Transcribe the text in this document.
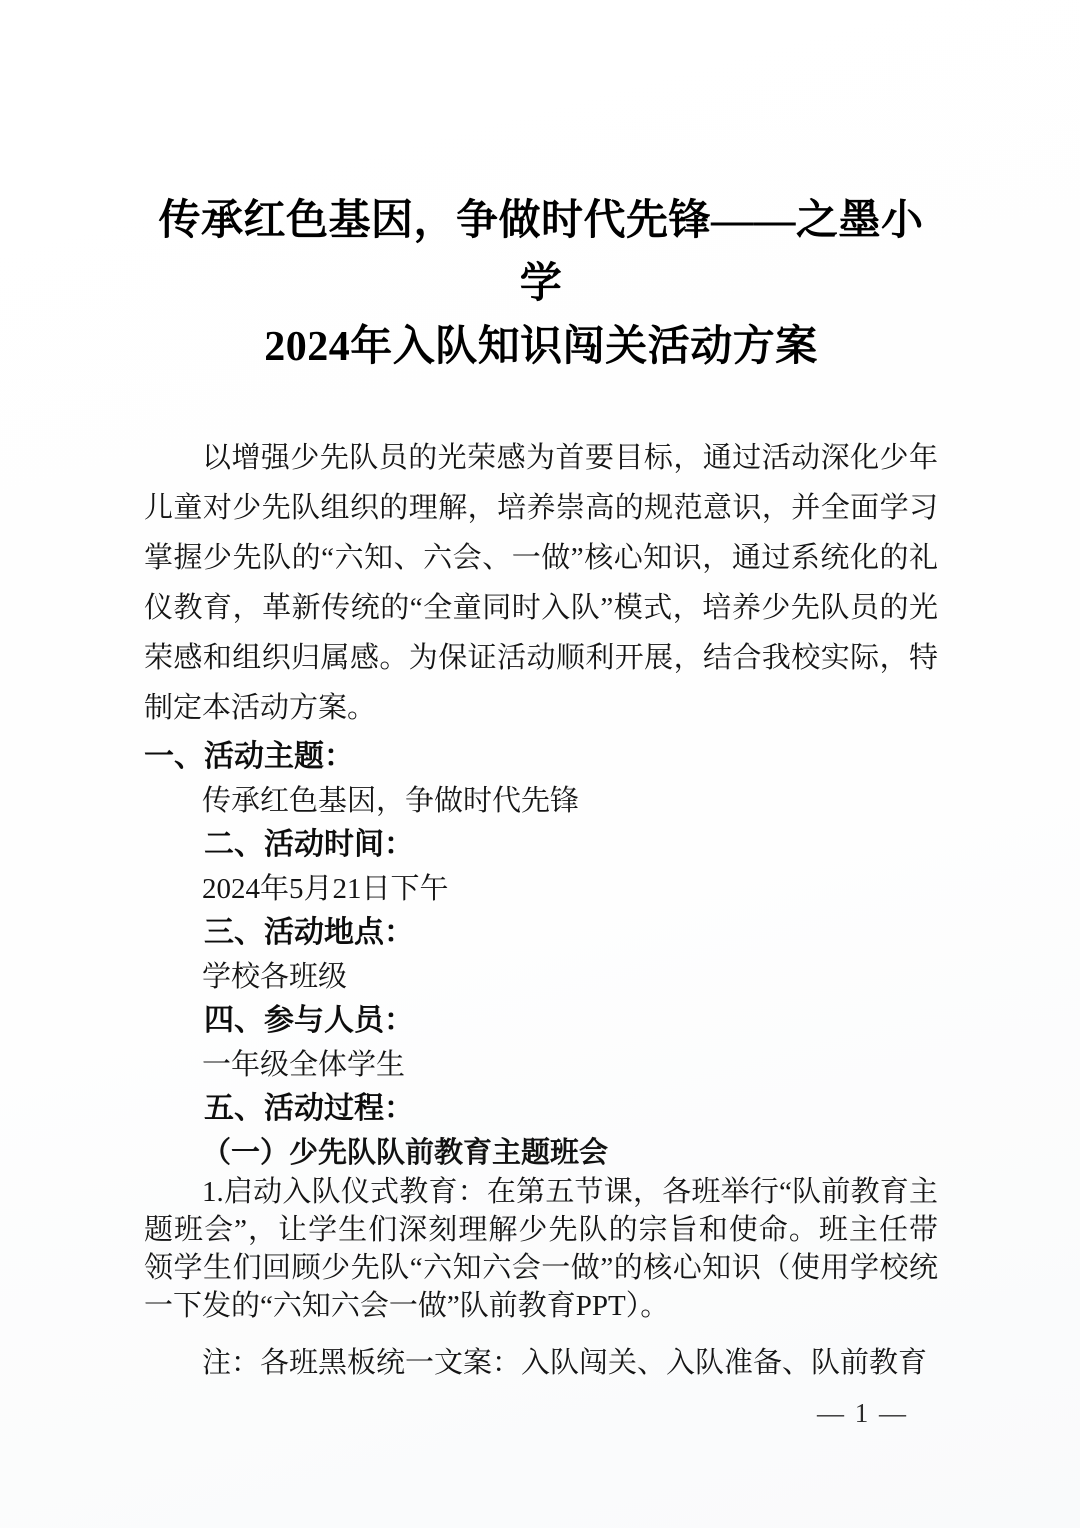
传承红色基因，争做时代先锋——之墨小学
2024年入队知识闯关活动方案

以增强少先队员的光荣感为首要目标，通过活动深化少年儿童对少先队组织的理解，培养崇高的规范意识，并全面学习掌握少先队的“六知、六会、一做”核心知识，通过系统化的礼仪教育，革新传统的“全童同时入队”模式，培养少先队员的光荣感和组织归属感。为保证活动顺利开展，结合我校实际，特制定本活动方案。

一、活动主题：
传承红色基因，争做时代先锋
二、活动时间：
2024年5月21日下午
三、活动地点：
学校各班级
四、参与人员：
一年级全体学生
五、活动过程：
（一）少先队队前教育主题班会

1.启动入队仪式教育：在第五节课，各班举行“队前教育主题班会”，让学生们深刻理解少先队的宗旨和使命。班主任带领学生们回顾少先队“六知六会一做”的核心知识（使用学校统一下发的“六知六会一做”队前教育PPT）。

注：各班黑板统一文案：入队闯关、入队准备、队前教育
— 1 —
